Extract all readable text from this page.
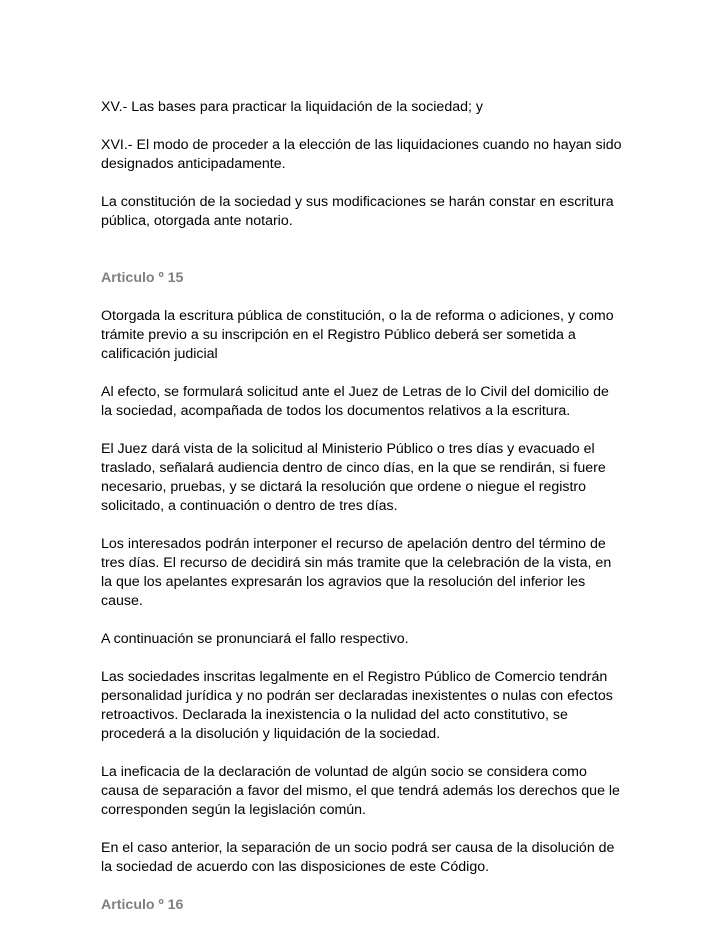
XV.- Las bases para practicar la liquidación de la sociedad; y

XVI.- El modo de proceder a la elección de las liquidaciones cuando no hayan sido
designados anticipadamente.

La constitución de la sociedad y sus modificaciones se harán constar en escritura
pública, otorgada ante notario.

Articulo º 15

Otorgada la escritura pública de constitución, o la de reforma o adiciones, y como
trámite previo a su inscripción en el Registro Público deberá ser sometida a
calificación judicial

Al efecto, se formulará solicitud ante el Juez de Letras de lo Civil del domicilio de
la sociedad, acompañada de todos los documentos relativos a la escritura.

El Juez dará vista de la solicitud al Ministerio Público o tres días y evacuado el
traslado, señalará audiencia dentro de cinco días, en la que se rendirán, si fuere
necesario, pruebas, y se dictará la resolución que ordene o niegue el registro
solicitado, a continuación o dentro de tres días.

Los interesados podrán interponer el recurso de apelación dentro del término de
tres días. El recurso de decidirá sin más tramite que la celebración de la vista, en
la que los apelantes expresarán los agravios que la resolución del inferior les
cause.

A continuación se pronunciará el fallo respectivo.

Las sociedades inscritas legalmente en el Registro Público de Comercio tendrán
personalidad jurídica y no podrán ser declaradas inexistentes o nulas con efectos
retroactivos. Declarada la inexistencia o la nulidad del acto constitutivo, se
procederá a la disolución y liquidación de la sociedad.

La ineficacia de la declaración de voluntad de algún socio se considera como
causa de separación a favor del mismo, el que tendrá además los derechos que le
corresponden según la legislación común.

En el caso anterior, la separación de un socio podrá ser causa de la disolución de
la sociedad de acuerdo con las disposiciones de este Código.

Articulo º 16
